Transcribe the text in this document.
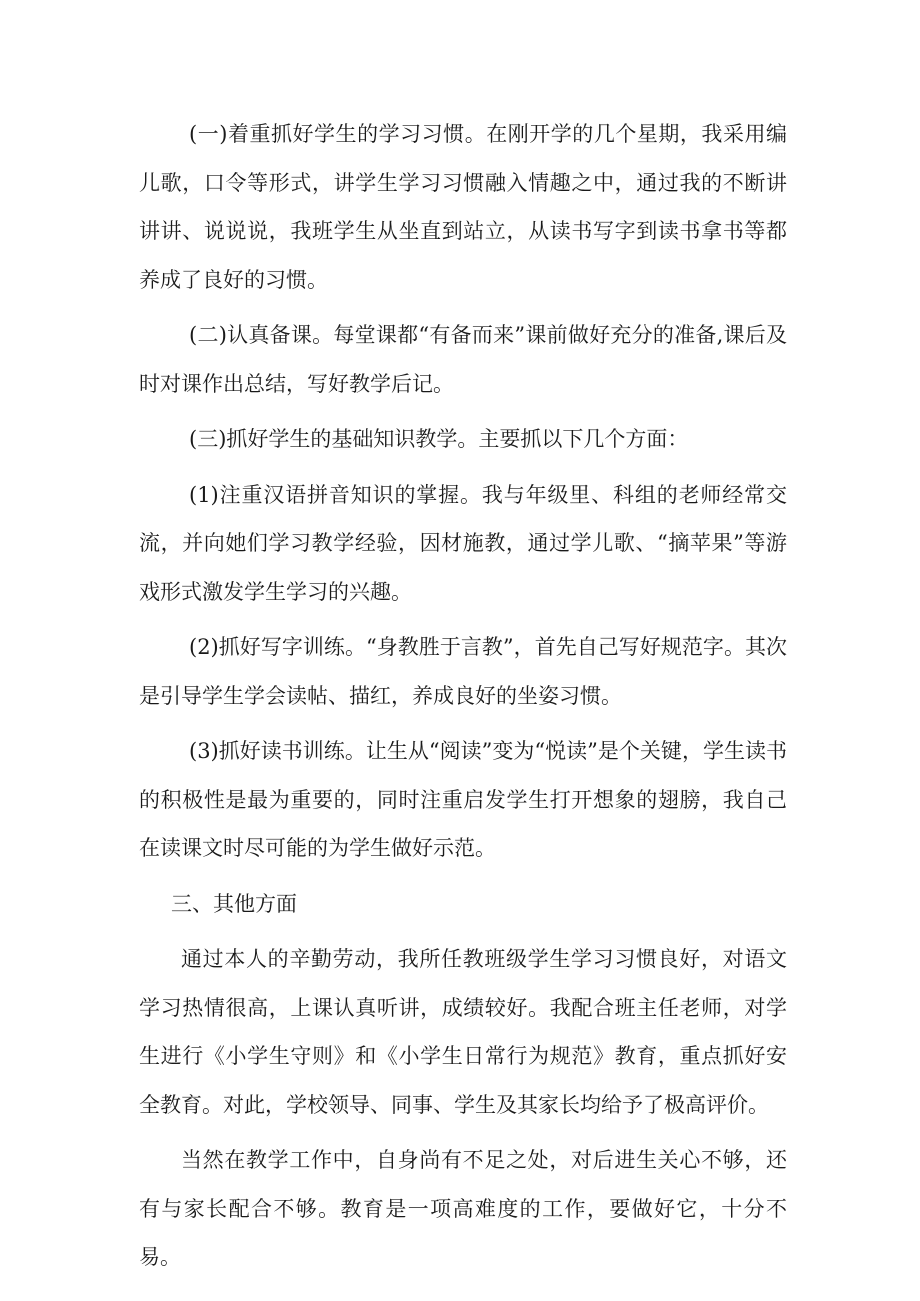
(一)着重抓好学生的学习习惯。在刚开学的几个星期，我采用编儿歌，口令等形式，讲学生学习习惯融入情趣之中，通过我的不断讲讲讲、说说说，我班学生从坐直到站立，从读书写字到读书拿书等都养成了良好的习惯。

(二)认真备课。每堂课都“有备而来”课前做好充分的准备,课后及时对课作出总结，写好教学后记。

(三)抓好学生的基础知识教学。主要抓以下几个方面：

(1)注重汉语拼音知识的掌握。我与年级里、科组的老师经常交流，并向她们学习教学经验，因材施教，通过学儿歌、“摘苹果”等游戏形式激发学生学习的兴趣。

(2)抓好写字训练。“身教胜于言教”，首先自己写好规范字。其次是引导学生学会读帖、描红，养成良好的坐姿习惯。

(3)抓好读书训练。让生从“阅读”变为“悦读”是个关键，学生读书的积极性是最为重要的，同时注重启发学生打开想象的翅膀，我自己在读课文时尽可能的为学生做好示范。

三、其他方面

通过本人的辛勤劳动，我所任教班级学生学习习惯良好，对语文学习热情很高，上课认真听讲，成绩较好。我配合班主任老师，对学生进行《小学生守则》和《小学生日常行为规范》教育，重点抓好安全教育。对此，学校领导、同事、学生及其家长均给予了极高评价。

当然在教学工作中，自身尚有不足之处，对后进生关心不够，还有与家长配合不够。教育是一项高难度的工作，要做好它，十分不易。
